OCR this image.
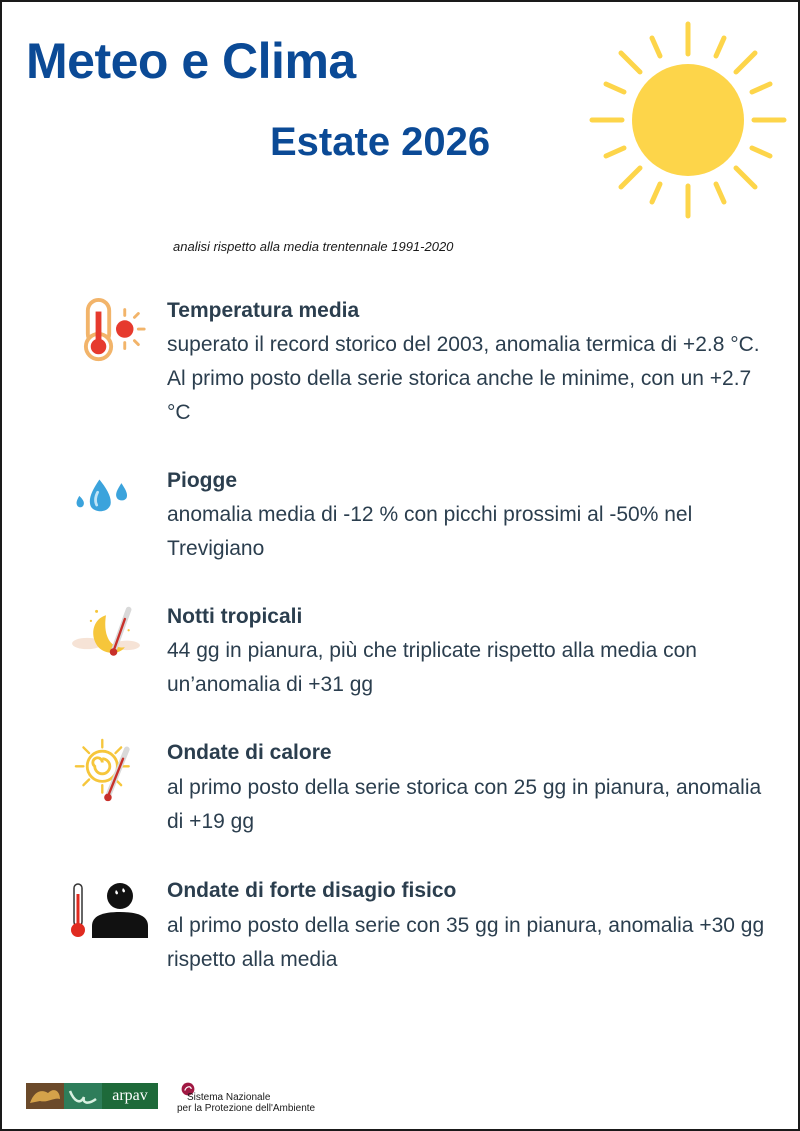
Meteo e Clima
Estate 2026
analisi rispetto alla media trentennale 1991-2020
Temperatura media
superato il record storico del 2003, anomalia termica di +2.8 °C. Al primo posto della serie storica anche le minime, con un +2.7 °C
Piogge
anomalia media di -12 % con picchi prossimi al -50% nel Trevigiano
Notti tropicali
44 gg in pianura, più che triplicate rispetto alla media con un’anomalia di +31 gg
Ondate di calore
al primo posto della serie storica con 25 gg in pianura, anomalia di +19 gg
Ondate di forte disagio fisico
al primo posto della serie con 35 gg in pianura, anomalia +30 gg rispetto alla media
arpav	Sistema Nazionale
per la Protezione dell'Ambiente
